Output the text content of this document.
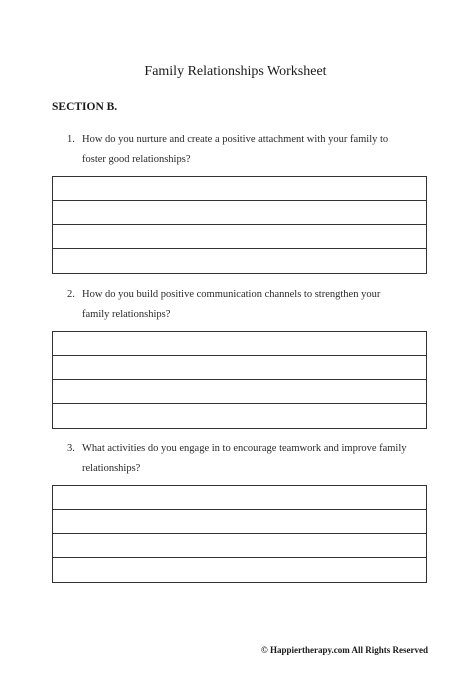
Family Relationships Worksheet
SECTION B.
1. How do you nurture and create a positive attachment with your family to
foster good relationships?
2. How do you build positive communication channels to strengthen your
family relationships?
3. What activities do you engage in to encourage teamwork and improve family
relationships?
© Happiertherapy.com All Rights Reserved
